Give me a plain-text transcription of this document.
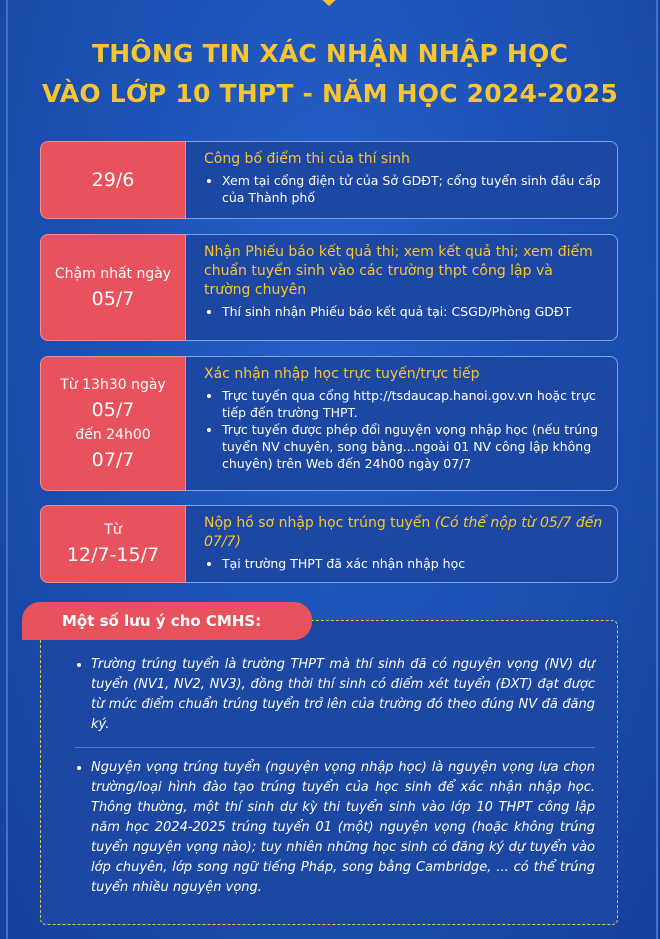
THÔNG TIN XÁC NHẬN NHẬP HỌC
VÀO LỚP 10 THPT - NĂM HỌC 2024-2025
29/6

Công bố điểm thi của thí sinh

• Xem tại cổng điện tử của Sở GDĐT; cổng tuyển sinh đầu cấp của Thành phố
Chậm nhất ngày
05/7

Nhận Phiếu báo kết quả thi; xem kết quả thi; xem điểm chuẩn tuyển sinh vào các trường thpt công lập và trường chuyên

• Thí sinh nhận Phiếu báo kết quả tại: CSGD/Phòng GDĐT
Từ 13h30 ngày
05/7
đến 24h00
07/7

Xác nhận nhập học trực tuyến/trực tiếp

• Trực tuyến qua cổng http://tsdaucap.hanoi.gov.vn hoặc trực tiếp đến trường THPT.
• Trực tuyến được phép đổi nguyện vọng nhập học (nếu trúng tuyển NV chuyên, song bằng...ngoài 01 NV công lập không chuyên) trên Web đến 24h00 ngày 07/7
Từ
12/7-15/7

Nộp hồ sơ nhập học trúng tuyển (Có thể nộp từ 05/7 đến 07/7)

• Tại trường THPT đã xác nhận nhập học
• Trường trúng tuyển là trường THPT mà thí sinh đã có nguyện vọng (NV) dự tuyển (NV1, NV2, NV3), đồng thời thí sinh có điểm xét tuyển (ĐXT) đạt được từ mức điểm chuẩn trúng tuyển trở lên của trường đó theo đúng NV đã đăng ký.
• Nguyện vọng trúng tuyển (nguyện vọng nhập học) là nguyện vọng lựa chọn trường/loại hình đào tạo trúng tuyển của học sinh để xác nhận nhập học. Thông thường, một thí sinh dự kỳ thi tuyển sinh vào lớp 10 THPT công lập năm học 2024-2025 trúng tuyển 01 (một) nguyện vọng (hoặc không trúng tuyển nguyện vọng nào); tuy nhiên những học sinh có đăng ký dự tuyển vào lớp chuyên, lớp song ngữ tiếng Pháp, song bằng Cambridge, ... có thể trúng tuyển nhiều nguyện vọng.
Một số lưu ý cho CMHS:
